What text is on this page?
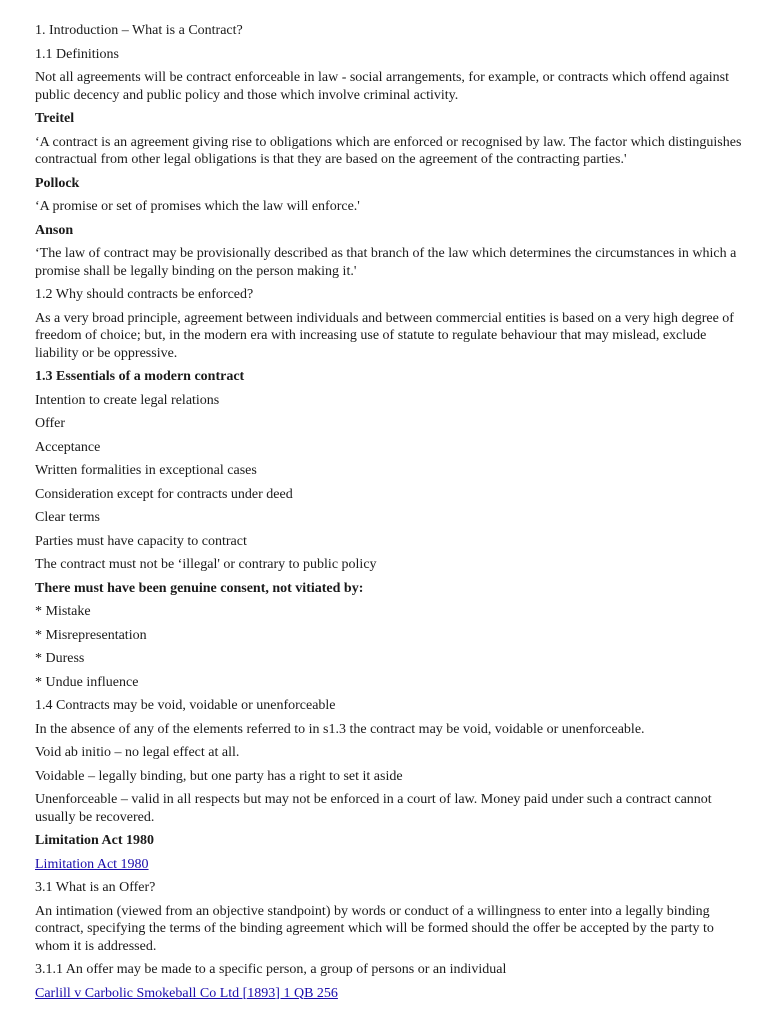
1. Introduction – What is a Contract?

1.1 Definitions

Not all agreements will be contract enforceable in law - social arrangements, for example, or contracts which offend against public decency and public policy and those which involve criminal activity.

Treitel

‘A contract is an agreement giving rise to obligations which are enforced or recognised by law. The factor which distinguishes contractual from other legal obligations is that they are based on the agreement of the contracting parties.'

Pollock

‘A promise or set of promises which the law will enforce.'

Anson

‘The law of contract may be provisionally described as that branch of the law which determines the circumstances in which a promise shall be legally binding on the person making it.'

1.2 Why should contracts be enforced?

As a very broad principle, agreement between individuals and between commercial entities is based on a very high degree of freedom of choice; but, in the modern era with increasing use of statute to regulate behaviour that may mislead, exclude liability or be oppressive.

1.3 Essentials of a modern contract

Intention to create legal relations

Offer

Acceptance

Written formalities in exceptional cases

Consideration except for contracts under deed

Clear terms

Parties must have capacity to contract

The contract must not be ‘illegal' or contrary to public policy

There must have been genuine consent, not vitiated by:

* Mistake

* Misrepresentation

* Duress

* Undue influence

1.4 Contracts may be void, voidable or unenforceable

In the absence of any of the elements referred to in s1.3 the contract may be void, voidable or unenforceable.

Void ab initio – no legal effect at all.

Voidable – legally binding, but one party has a right to set it aside

Unenforceable – valid in all respects but may not be enforced in a court of law. Money paid under such a contract cannot usually be recovered.

Limitation Act 1980

Limitation Act 1980

3.1 What is an Offer?

An intimation (viewed from an objective standpoint) by words or conduct of a willingness to enter into a legally binding contract, specifying the terms of the binding agreement which will be formed should the offer be accepted by the party to whom it is addressed.

3.1.1 An offer may be made to a specific person, a group of persons or an individual

Carlill v Carbolic Smokeball Co Ltd [1893] 1 QB 256
